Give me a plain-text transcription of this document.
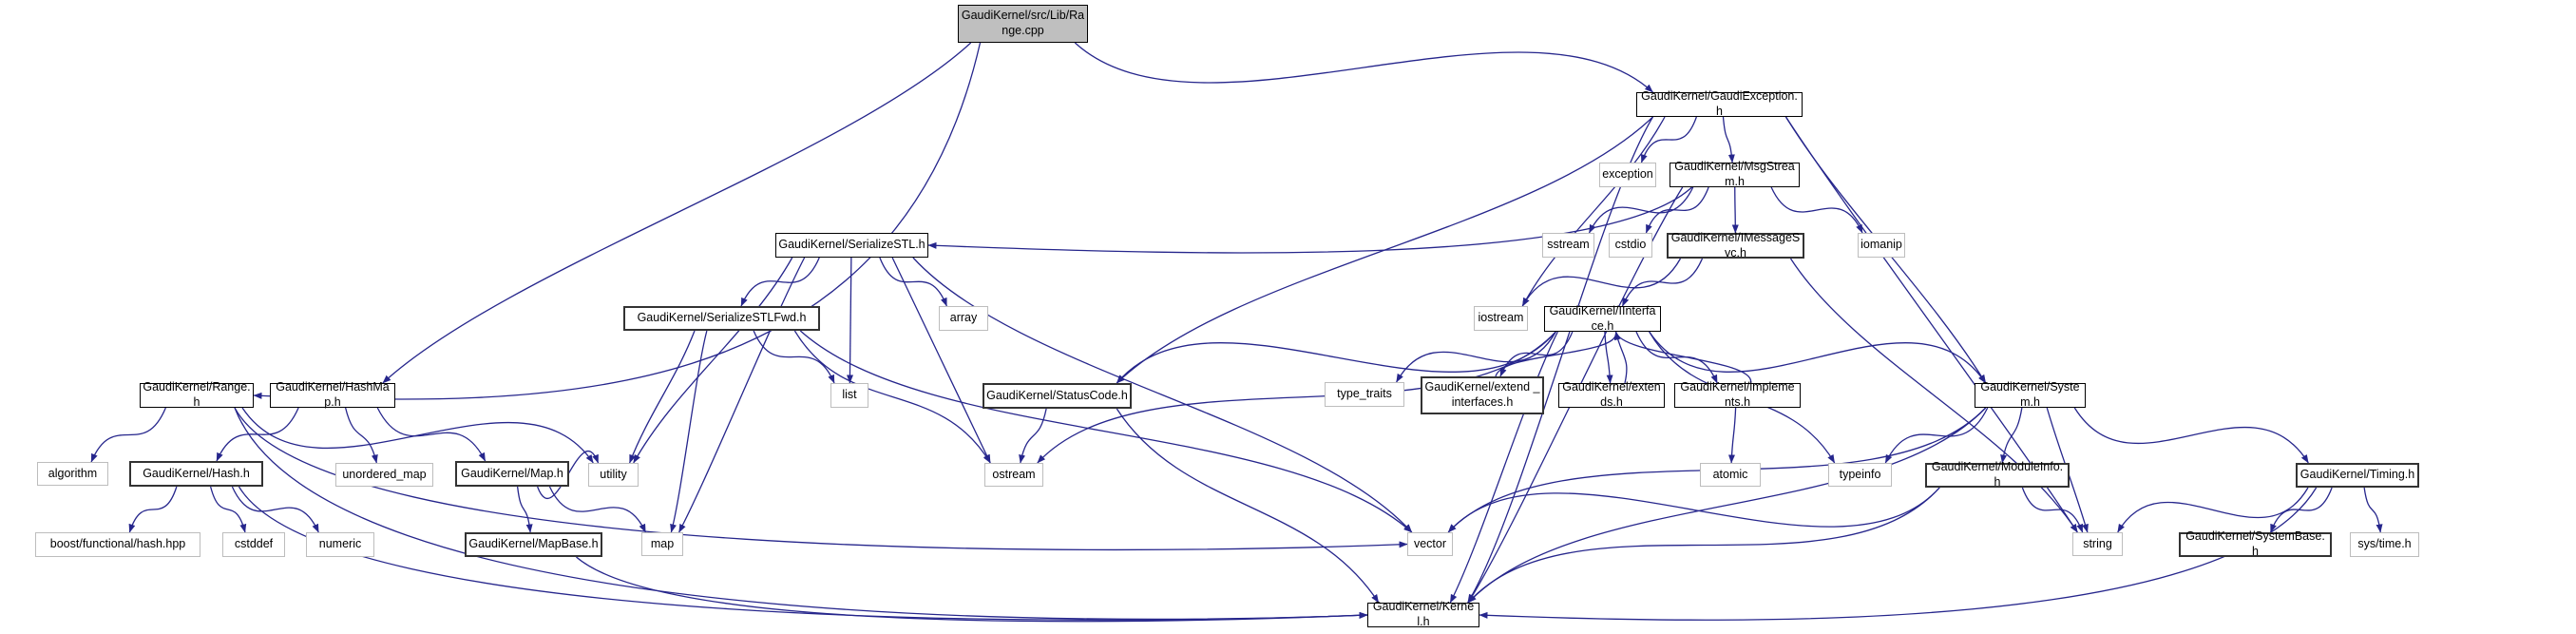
GaudiKernel/src/Lib/Range.cpp
GaudiKernel/GaudiException.h
exception
GaudiKernel/MsgStream.h
sstream cstdio
GaudiKernel/IMessageSvc.h
iomanip
GaudiKernel/SerializeSTL.h
GaudiKernel/SerializeSTLFwd.h	array	iostream
GaudiKernel/IInterface.h
GaudiKernel/Range.h
GaudiKernel/HashMap.h
list	GaudiKernel/StatusCode.h	type_traits	GaudiKernel/extend _interfaces.h
GaudiKernel/extends.h
GaudiKernel/implements.h
GaudiKernel/System.h
algorithm	GaudiKernel/Hash.h	unordered_map	GaudiKernel/Map.h	utility	ostream	atomic	typeinfo
GaudiKernel/ModuleInfo.h
GaudiKernel/Timing.h
boost/functional/hash.hpp	cstddef	numeric	GaudiKernel/MapBase.h	map	vector	string
GaudiKernel/SystemBase.h
sys/time.h
GaudiKernel/Kernel.h
